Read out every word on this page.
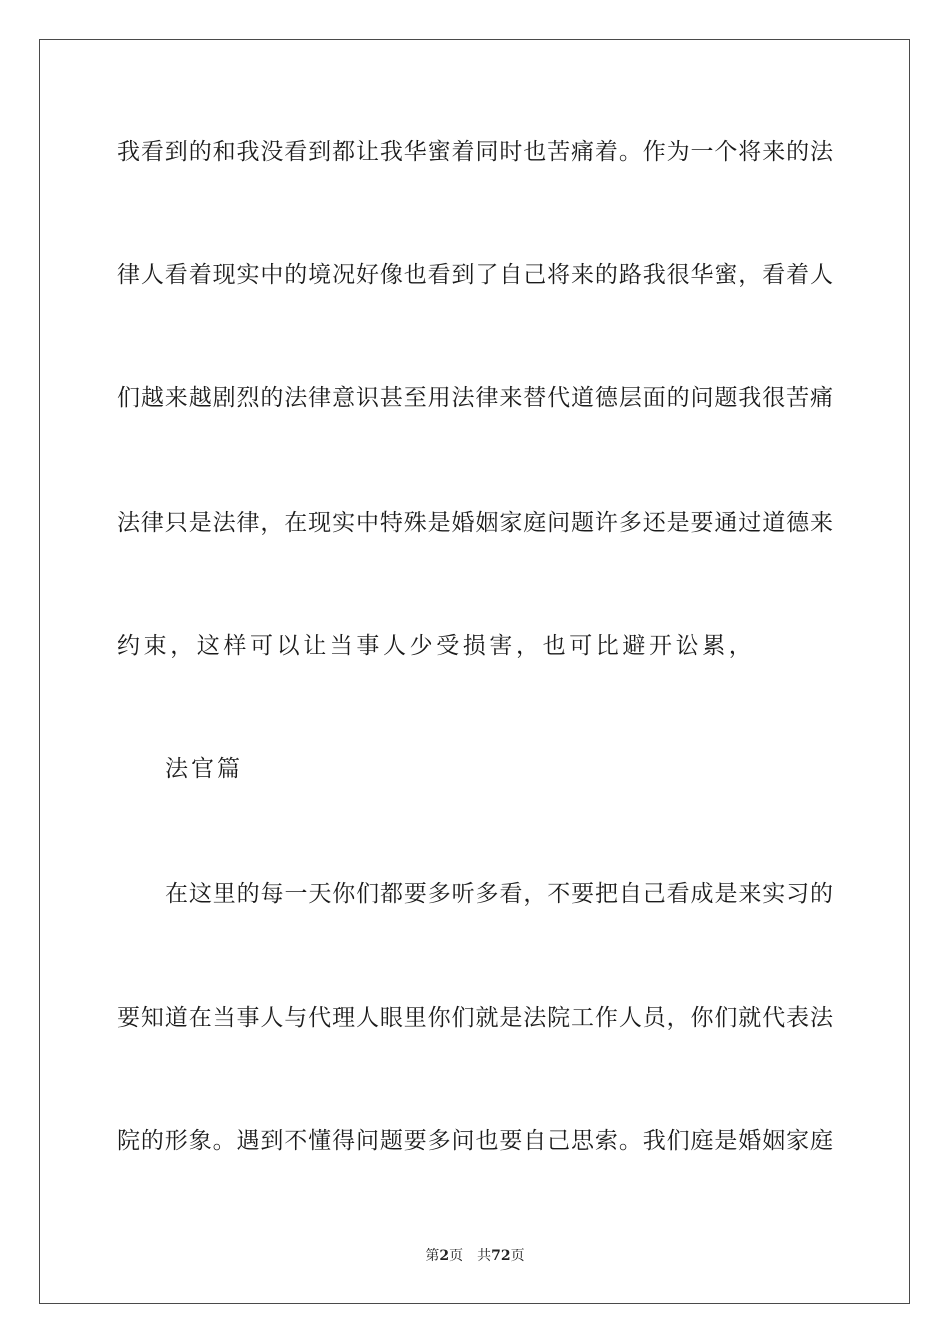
我看到的和我没看到都让我华蜜着同时也苦痛着。作为一个将来的法
律人看着现实中的境况好像也看到了自己将来的路我很华蜜，看着人
们越来越剧烈的法律意识甚至用法律来替代道德层面的问题我很苦痛
法律只是法律，在现实中特殊是婚姻家庭问题许多还是要通过道德来
约束，这样可以让当事人少受损害，也可比避开讼累，
法官篇
在这里的每一天你们都要多听多看，不要把自己看成是来实习的
要知道在当事人与代理人眼里你们就是法院工作人员，你们就代表法
院的形象。遇到不懂得问题要多问也要自己思索。我们庭是婚姻家庭
第2页 共72页
